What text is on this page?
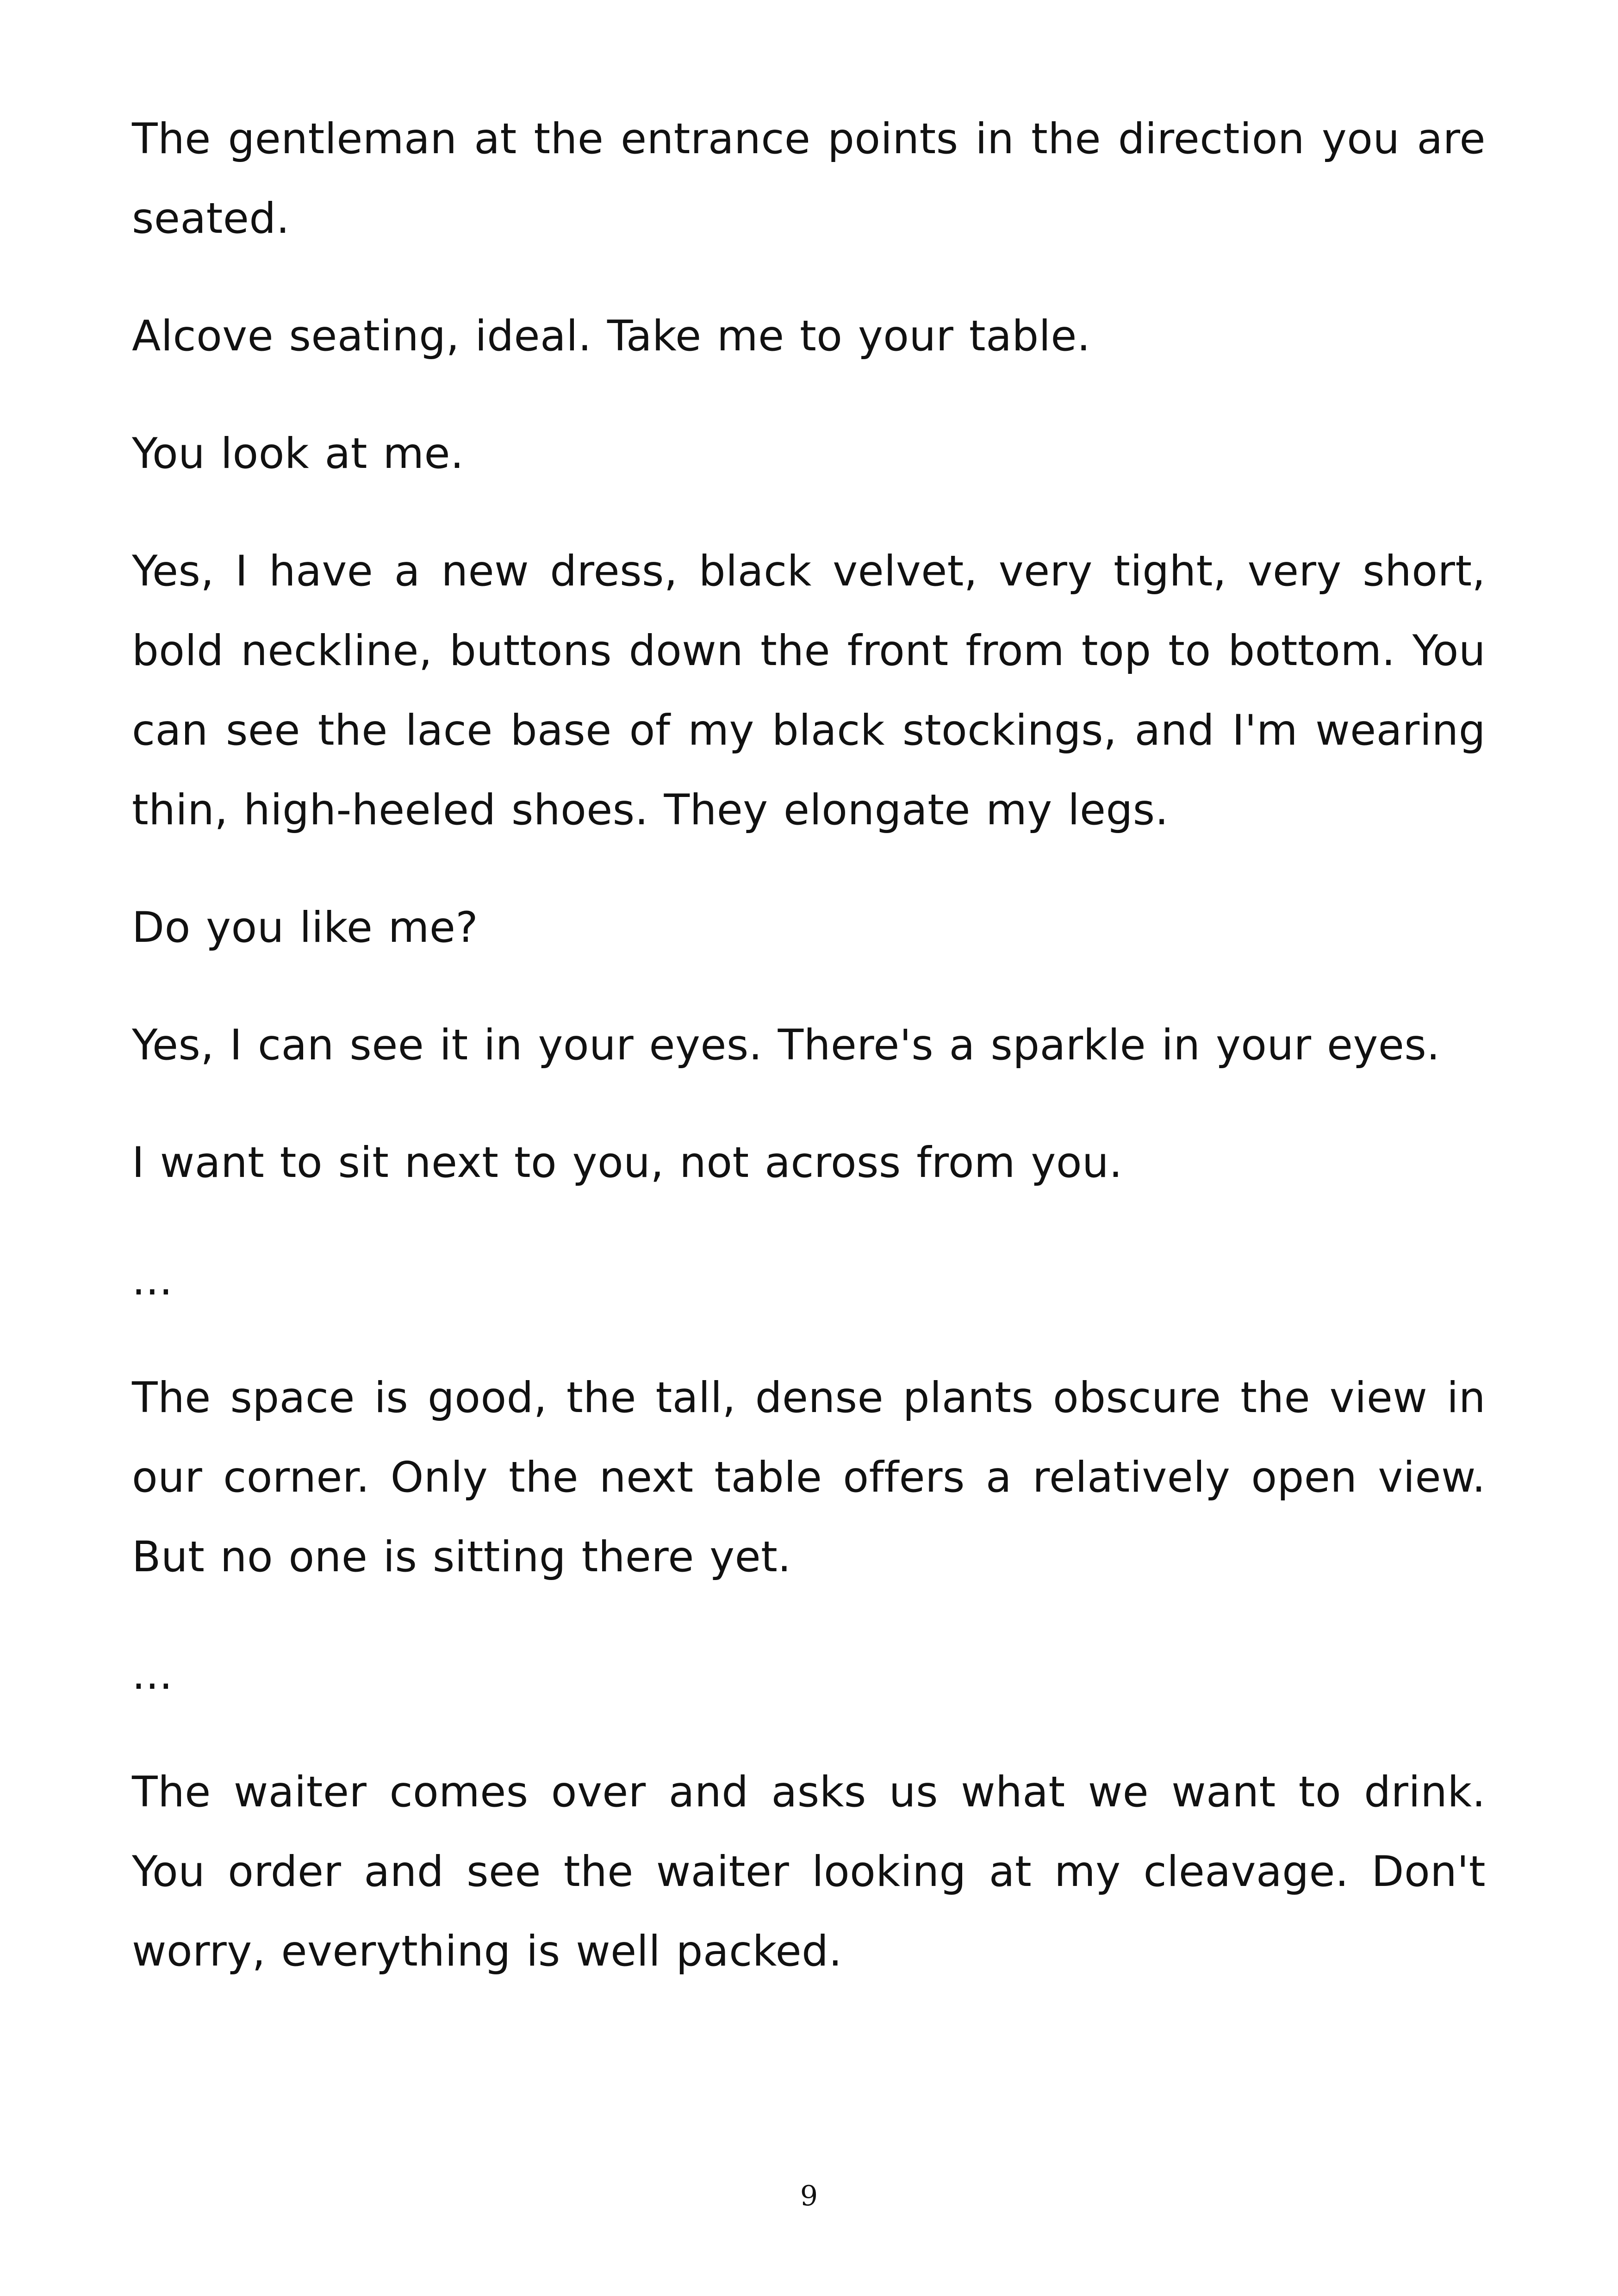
The gentleman at the entrance points in the direction you are seated.

Alcove seating, ideal. Take me to your table.

You look at me.

Yes, I have a new dress, black velvet, very tight, very short, bold neckline, buttons down the front from top to bottom. You can see the lace base of my black stockings, and I'm wearing thin, high-heeled shoes. They elongate my legs.

Do you like me?

Yes, I can see it in your eyes. There's a sparkle in your eyes.

I want to sit next to you, not across from you.

...

The space is good, the tall, dense plants obscure the view in our corner. Only the next table offers a relatively open view. But no one is sitting there yet.

...

The waiter comes over and asks us what we want to drink. You order and see the waiter looking at my cleavage. Don't worry, everything is well packed.

9
